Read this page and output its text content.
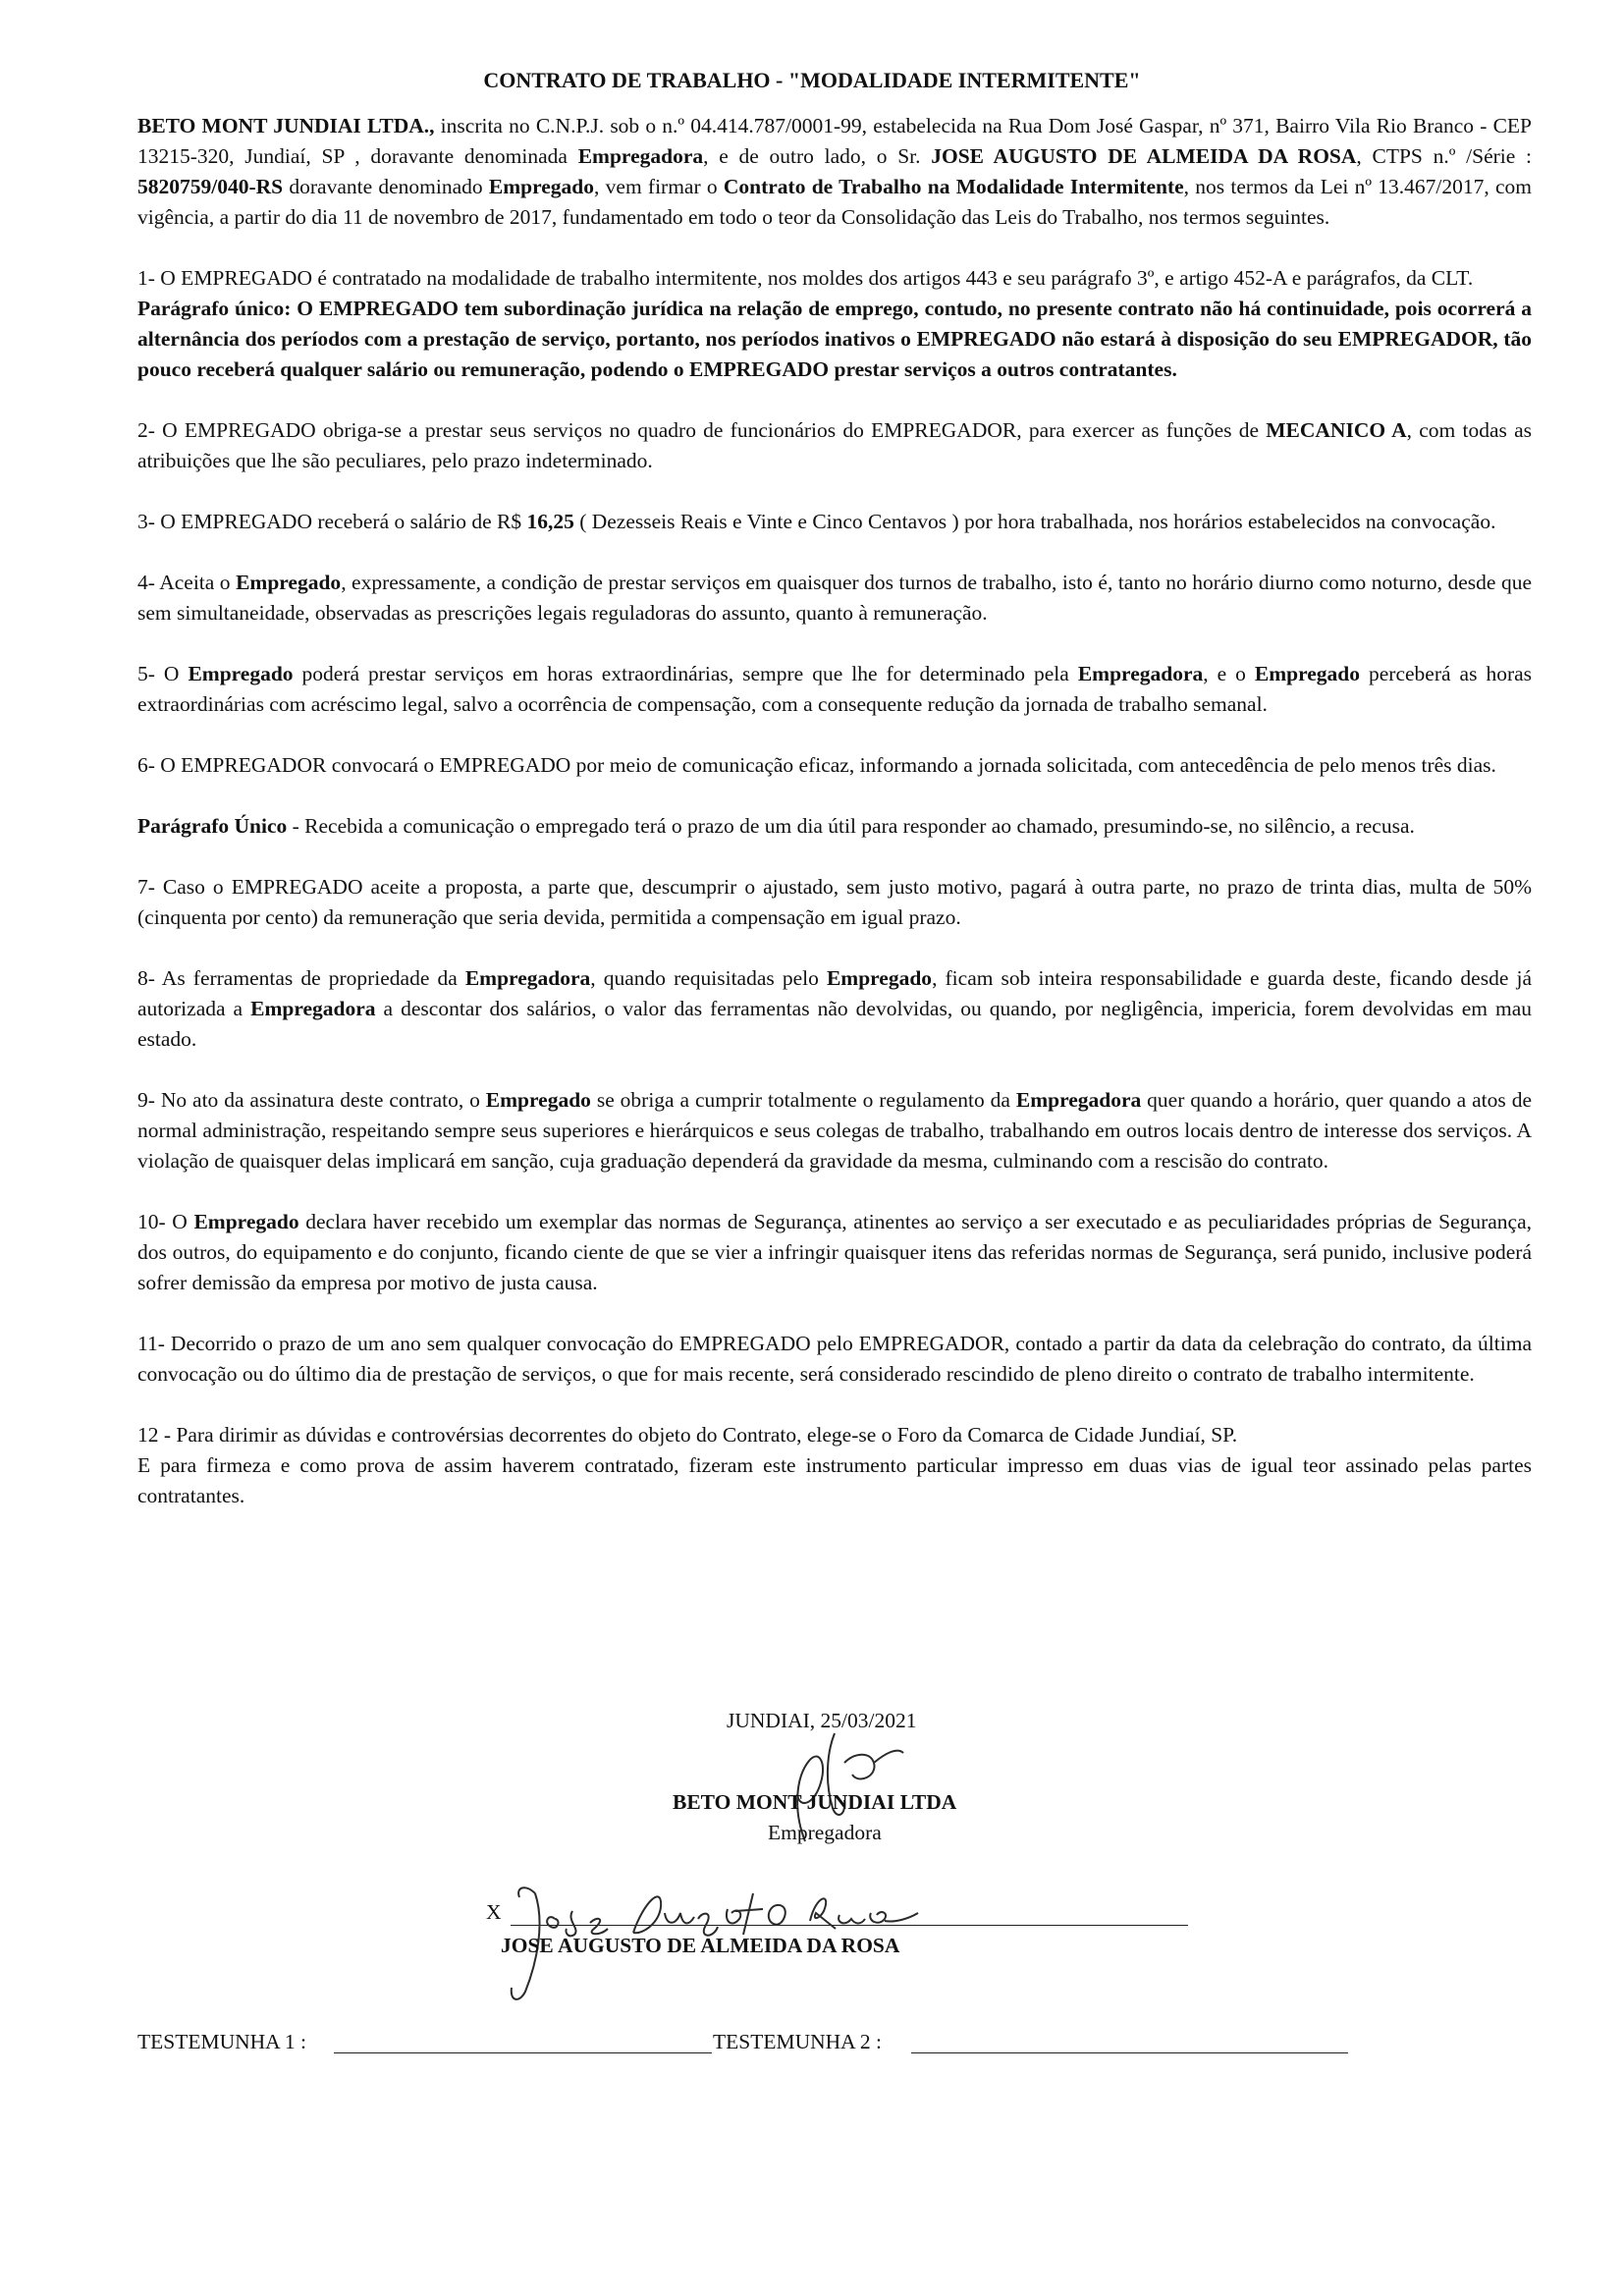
CONTRATO DE TRABALHO - "MODALIDADE INTERMITENTE"

BETO MONT JUNDIAI LTDA., inscrita no C.N.P.J. sob o n.º 04.414.787/0001-99, estabelecida na Rua Dom José Gaspar, nº 371, Bairro Vila Rio Branco - CEP 13215-320, Jundiaí, SP , doravante denominada Empregadora, e de outro lado, o Sr. JOSE AUGUSTO DE ALMEIDA DA ROSA, CTPS n.º /Série : 5820759/040-RS doravante denominado Empregado, vem firmar o Contrato de Trabalho na Modalidade Intermitente, nos termos da Lei nº 13.467/2017, com vigência, a partir do dia 11 de novembro de 2017, fundamentado em todo o teor da Consolidação das Leis do Trabalho, nos termos seguintes.

1- O EMPREGADO é contratado na modalidade de trabalho intermitente, nos moldes dos artigos 443 e seu parágrafo 3º, e artigo 452-A e parágrafos, da CLT.

Parágrafo único: O EMPREGADO tem subordinação jurídica na relação de emprego, contudo, no presente contrato não há continuidade, pois ocorrerá a alternância dos períodos com a prestação de serviço, portanto, nos períodos inativos o EMPREGADO não estará à disposição do seu EMPREGADOR, tão pouco receberá qualquer salário ou remuneração, podendo o EMPREGADO prestar serviços a outros contratantes.

2- O EMPREGADO obriga-se a prestar seus serviços no quadro de funcionários do EMPREGADOR, para exercer as funções de MECANICO A, com todas as atribuições que lhe são peculiares, pelo prazo indeterminado.

3- O EMPREGADO receberá o salário de R$ 16,25 ( Dezesseis Reais e Vinte e Cinco Centavos ) por hora trabalhada, nos horários estabelecidos na convocação.

4- Aceita o Empregado, expressamente, a condição de prestar serviços em quaisquer dos turnos de trabalho, isto é, tanto no horário diurno como noturno, desde que sem simultaneidade, observadas as prescrições legais reguladoras do assunto, quanto à remuneração.

5- O Empregado poderá prestar serviços em horas extraordinárias, sempre que lhe for determinado pela Empregadora, e o Empregado perceberá as horas extraordinárias com acréscimo legal, salvo a ocorrência de compensação, com a consequente redução da jornada de trabalho semanal.

6- O EMPREGADOR convocará o EMPREGADO por meio de comunicação eficaz, informando a jornada solicitada, com antecedência de pelo menos três dias.

Parágrafo Único - Recebida a comunicação o empregado terá o prazo de um dia útil para responder ao chamado, presumindo-se, no silêncio, a recusa.

7- Caso o EMPREGADO aceite a proposta, a parte que, descumprir o ajustado, sem justo motivo, pagará à outra parte, no prazo de trinta dias, multa de 50% (cinquenta por cento) da remuneração que seria devida, permitida a compensação em igual prazo.

8- As ferramentas de propriedade da Empregadora, quando requisitadas pelo Empregado, ficam sob inteira responsabilidade e guarda deste, ficando desde já autorizada a Empregadora a descontar dos salários, o valor das ferramentas não devolvidas, ou quando, por negligência, impericia, forem devolvidas em mau estado.

9- No ato da assinatura deste contrato, o Empregado se obriga a cumprir totalmente o regulamento da Empregadora quer quando a horário, quer quando a atos de normal administração, respeitando sempre seus superiores e hierárquicos e seus colegas de trabalho, trabalhando em outros locais dentro de interesse dos serviços. A violação de quaisquer delas implicará em sanção, cuja graduação dependerá da gravidade da mesma, culminando com a rescisão do contrato.

10- O Empregado declara haver recebido um exemplar das normas de Segurança, atinentes ao serviço a ser executado e as peculiaridades próprias de Segurança, dos outros, do equipamento e do conjunto, ficando ciente de que se vier a infringir quaisquer itens das referidas normas de Segurança, será punido, inclusive poderá sofrer demissão da empresa por motivo de justa causa.

11- Decorrido o prazo de um ano sem qualquer convocação do EMPREGADO pelo EMPREGADOR, contado a partir da data da celebração do contrato, da última convocação ou do último dia de prestação de serviços, o que for mais recente, será considerado rescindido de pleno direito o contrato de trabalho intermitente.

12 - Para dirimir as dúvidas e controvérsias decorrentes do objeto do Contrato, elege-se o Foro da Comarca de Cidade Jundiaí, SP.

E para firmeza e como prova de assim haverem contratado, fizeram este instrumento particular impresso em duas vias de igual teor assinado pelas partes contratantes.

JUNDIAI, 25/03/2021
BETO MONT JUNDIAI LTDA
Empregadora
X
JOSE AUGUSTO DE ALMEIDA DA ROSA
TESTEMUNHA 1 :	TESTEMUNHA 2 :
